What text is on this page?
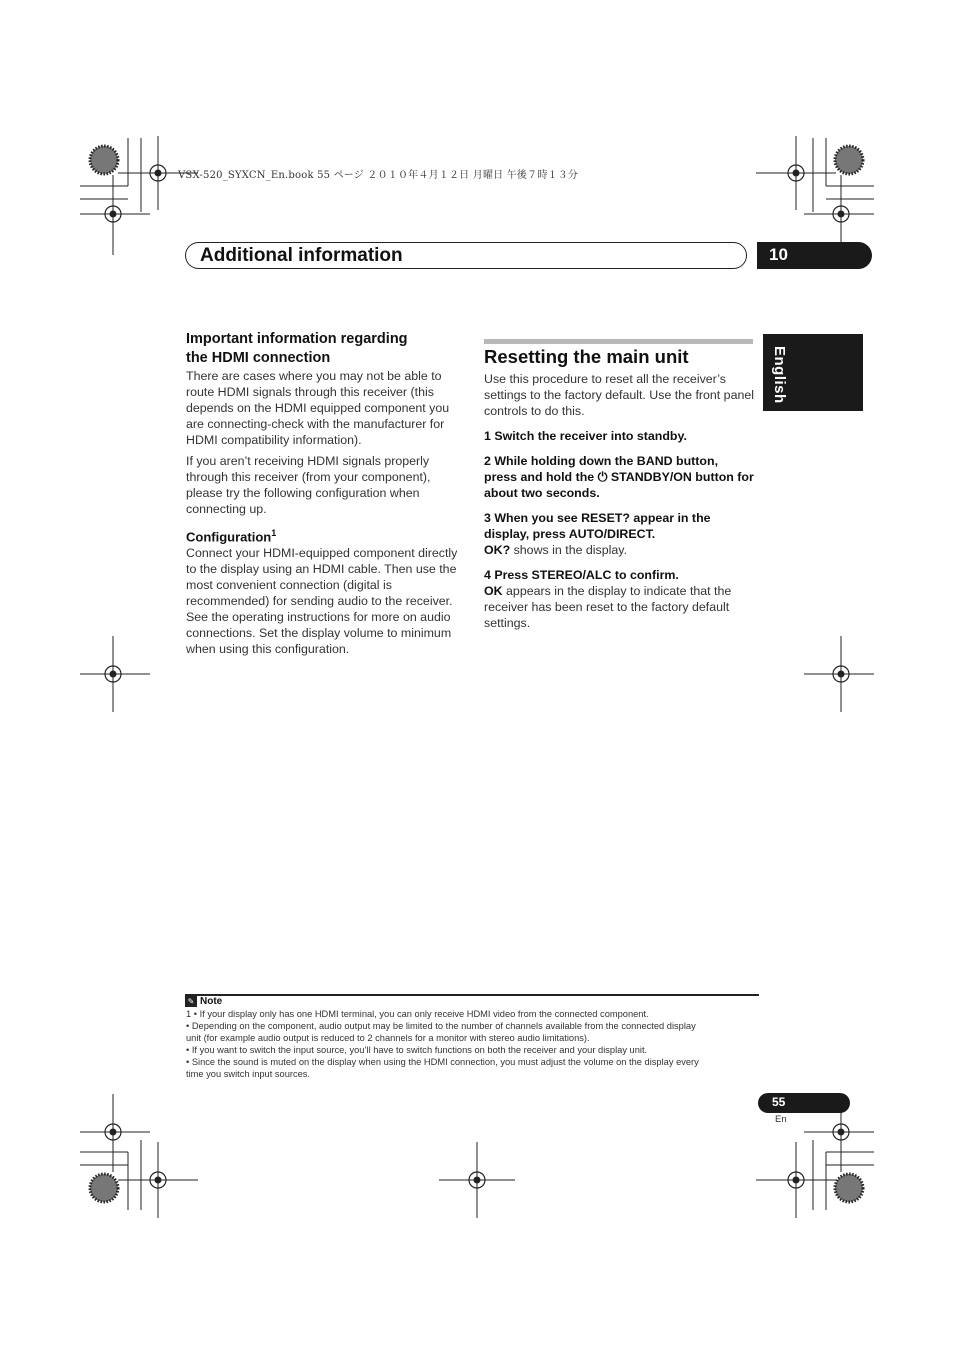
VSX-520_SYXCN_En.book 55 ページ ２０１０年４月１２日 月曜日 午後７時１３分
Additional information	10
English
Important information regarding
the HDMI connection

There are cases where you may not be able to route HDMI signals through this receiver (this depends on the HDMI equipped component you are connecting-check with the manufacturer for HDMI compatibility information).

If you aren’t receiving HDMI signals properly through this receiver (from your component), please try the following configuration when connecting up.

Configuration$^1$

Connect your HDMI-equipped component directly to the display using an HDMI cable. Then use the most convenient connection (digital is recommended) for sending audio to the receiver. See the operating instructions for more on audio connections. Set the display volume to minimum when using this configuration.

Resetting the main unit

Use this procedure to reset all the receiver’s settings to the factory default. Use the front panel controls to do this.

1 Switch the receiver into standby.

2 While holding down the BAND button, press and hold the ⏻ STANDBY/ON button for about two seconds.

3 When you see RESET? appear in the display, press AUTO/DIRECT.

OK? shows in the display.

4 Press STEREO/ALC to confirm.

OK appears in the display to indicate that the receiver has been reset to the factory default settings.

✎ Note
1 • If your display only has one HDMI terminal, you can only receive HDMI video from the connected component.
• Depending on the component, audio output may be limited to the number of channels available from the connected display
unit (for example audio output is reduced to 2 channels for a monitor with stereo audio limitations).
• If you want to switch the input source, you’ll have to switch functions on both the receiver and your display unit.
• Since the sound is muted on the display when using the HDMI connection, you must adjust the volume on the display every
time you switch input sources.
55
En
